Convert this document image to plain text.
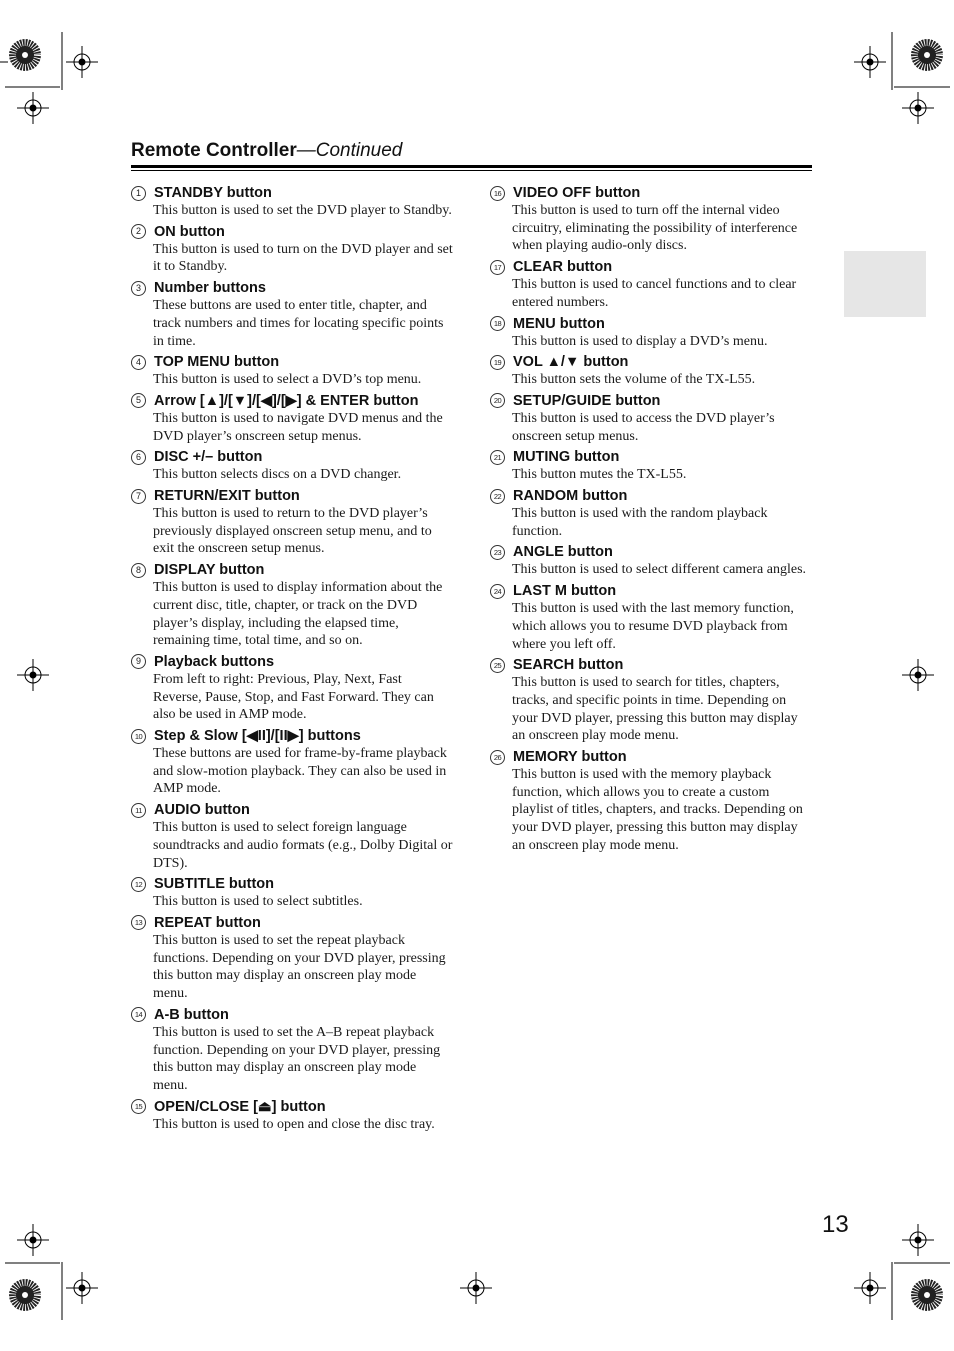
Remote Controller—Continued
1 STANDBY button
This button is used to set the DVD player to Standby.
2 ON button
This button is used to turn on the DVD player and set it to Standby.
3 Number buttons
These buttons are used to enter title, chapter, and track numbers and times for locating specific points in time.
4 TOP MENU button
This button is used to select a DVD’s top menu.
5 Arrow [▲]/[▼]/[◀]/[▶] & ENTER button
This button is used to navigate DVD menus and the DVD player’s onscreen setup menus.
6 DISC +/– button
This button selects discs on a DVD changer.
7 RETURN/EXIT button
This button is used to return to the DVD player’s previously displayed onscreen setup menu, and to exit the onscreen setup menus.
8 DISPLAY button
This button is used to display information about the current disc, title, chapter, or track on the DVD player’s display, including the elapsed time, remaining time, total time, and so on.
9 Playback buttons
From left to right: Previous, Play, Next, Fast Reverse, Pause, Stop, and Fast Forward. They can also be used in AMP mode.
10 Step & Slow [◀II]/[II▶] buttons
These buttons are used for frame-by-frame playback and slow-motion playback. They can also be used in AMP mode.
11 AUDIO button
This button is used to select foreign language soundtracks and audio formats (e.g., Dolby Digital or DTS).
12 SUBTITLE button
This button is used to select subtitles.
13 REPEAT button
This button is used to set the repeat playback functions. Depending on your DVD player, pressing this button may display an onscreen play mode menu.
14 A-B button
This button is used to set the A–B repeat playback function. Depending on your DVD player, pressing this button may display an onscreen play mode menu.
15 OPEN/CLOSE [⏏] button
This button is used to open and close the disc tray.
16 VIDEO OFF button
This button is used to turn off the internal video circuitry, eliminating the possibility of interference when playing audio-only discs.
17 CLEAR button
This button is used to cancel functions and to clear entered numbers.
18 MENU button
This button is used to display a DVD’s menu.
19 VOL ▲/▼ button
This button sets the volume of the TX-L55.
20 SETUP/GUIDE button
This button is used to access the DVD player’s onscreen setup menus.
21 MUTING button
This button mutes the TX-L55.
22 RANDOM button
This button is used with the random playback function.
23 ANGLE button
This button is used to select different camera angles.
24 LAST M button
This button is used with the last memory function, which allows you to resume DVD playback from where you left off.
25 SEARCH button
This button is used to search for titles, chapters, tracks, and specific points in time. Depending on your DVD player, pressing this button may display an onscreen play mode menu.
26 MEMORY button
This button is used with the memory playback function, which allows you to create a custom playlist of titles, chapters, and tracks. Depending on your DVD player, pressing this button may display an onscreen play mode menu.
13
